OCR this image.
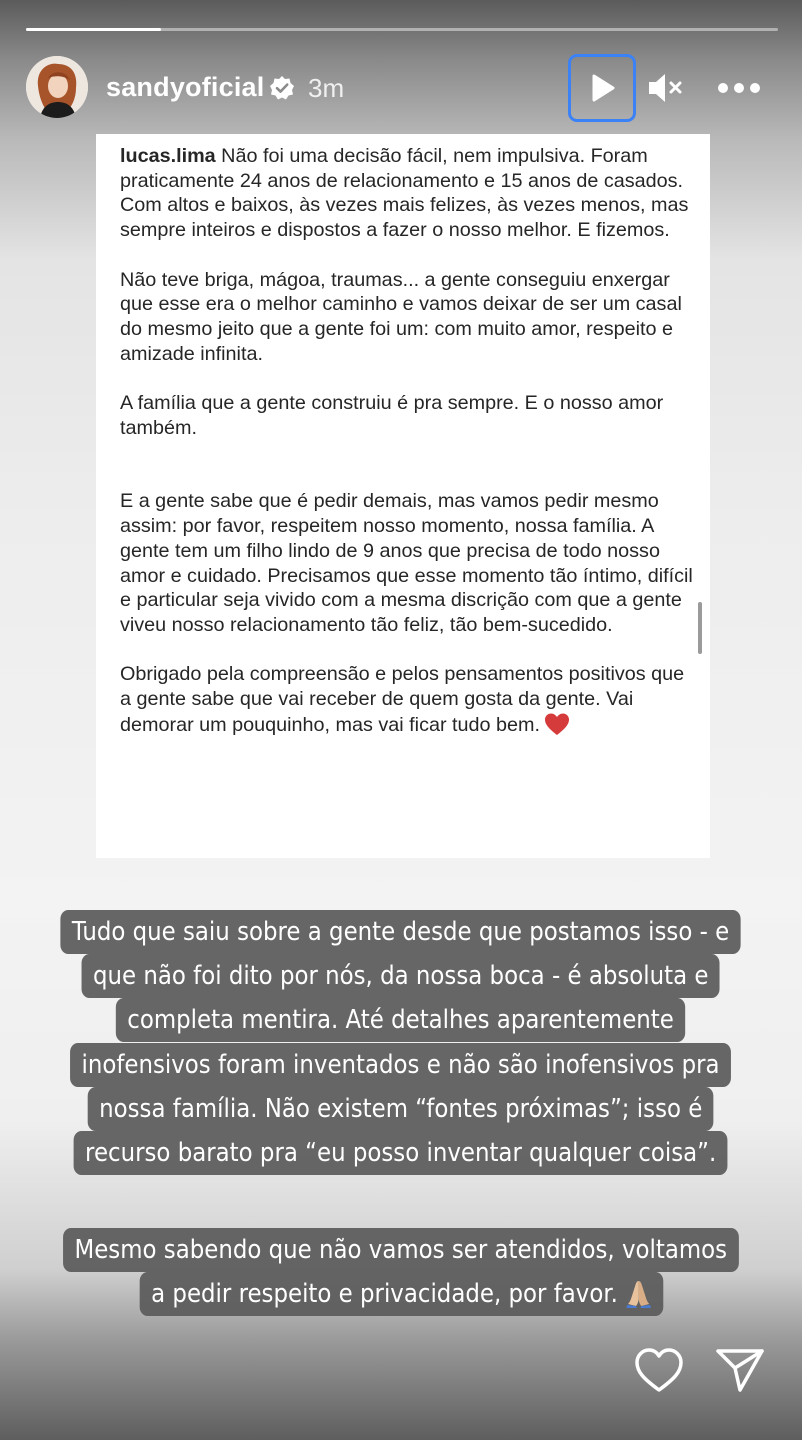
sandyoficial 3m

lucas.lima Não foi uma decisão fácil, nem impulsiva. Foram praticamente 24 anos de relacionamento e 15 anos de casados. Com altos e baixos, às vezes mais felizes, às vezes menos, mas sempre inteiros e dispostos a fazer o nosso melhor. E fizemos.

Não teve briga, mágoa, traumas... a gente conseguiu enxergar que esse era o melhor caminho e vamos deixar de ser um casal do mesmo jeito que a gente foi um: com muito amor, respeito e amizade infinita.

A família que a gente construiu é pra sempre. E o nosso amor também.

E a gente sabe que é pedir demais, mas vamos pedir mesmo assim: por favor, respeitem nosso momento, nossa família. A gente tem um filho lindo de 9 anos que precisa de todo nosso amor e cuidado. Precisamos que esse momento tão íntimo, difícil e particular seja vivido com a mesma discrição com que a gente viveu nosso relacionamento tão feliz, tão bem-sucedido.

Obrigado pela compreensão e pelos pensamentos positivos que a gente sabe que vai receber de quem gosta da gente. Vai demorar um pouquinho, mas vai ficar tudo bem.

Tudo que saiu sobre a gente desde que postamos isso - e
que não foi dito por nós, da nossa boca - é absoluta e
completa mentira. Até detalhes aparentemente
inofensivos foram inventados e não são inofensivos pra
nossa família. Não existem “fontes próximas”; isso é
recurso barato pra “eu posso inventar qualquer coisa”.
Mesmo sabendo que não vamos ser atendidos, voltamos
a pedir respeito e privacidade, por favor.
